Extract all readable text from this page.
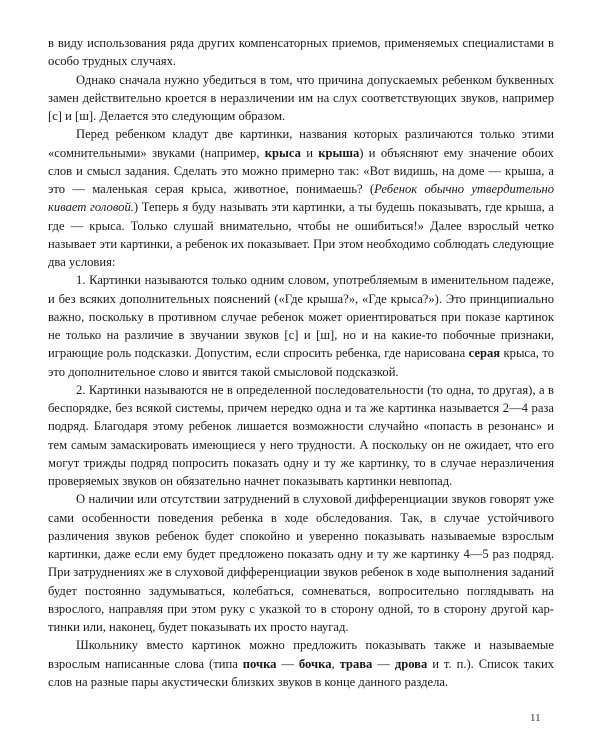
в виду использования ряда других компенсаторных приемов, применяемых специалистами в особо трудных случаях.

Однако сначала нужно убедиться в том, что причина допускаемых ребенком буквенных замен действительно кроется в неразличении им на слух соответствующих звуков, например [с] и [ш]. Делается это следующим образом.

Перед ребенком кладут две картинки, названия которых различаются только этими «сомнительными» звуками (например, крыса и крыша) и объясняют ему значение обоих слов и смысл задания. Сделать это можно примерно так: «Вот видишь, на доме — крыша, а это — маленькая серая крыса, животное, понимаешь? (Ребенок обычно утвердительно кивает головой.) Теперь я буду называть эти картинки, а ты будешь показывать, где крыша, а где — крыса. Только слушай внимательно, чтобы не ошибиться!» Далее взрослый четко называет эти картинки, а ребенок их показывает. При этом необходимо соблюдать следующие два условия:

1. Картинки называются только одним словом, употребляемым в именительном падеже, и без всяких дополнительных пояснений («Где крыша?», «Где крыса?»). Это принципиально важно, поскольку в противном случае ребенок может ориентироваться при показе картинок не только на различие в звучании звуков [с] и [ш], но и на какие-то побочные признаки, играющие роль подсказки. Допустим, если спросить ребенка, где нарисована серая крыса, то это дополнительное слово и явится такой смысловой подсказкой.

2. Картинки называются не в определенной последовательности (то одна, то другая), а в беспорядке, без всякой системы, причем нередко одна и та же картинка называется 2—4 раза подряд. Благодаря этому ребенок лишается возможности случайно «попасть в резонанс» и тем самым замаскировать имеющиеся у него трудности. А поскольку он не ожидает, что его могут трижды подряд попросить показать одну и ту же картинку, то в случае неразличения проверяемых звуков он обязательно начнет показывать картинки невпопад.

О наличии или отсутствии затруднений в слуховой дифференциации звуков говорят уже сами особенности поведения ребенка в ходе обследования. Так, в случае устойчивого различения звуков ребенок будет спокойно и уверенно показывать называемые взрослым картинки, даже если ему будет предложено показать одну и ту же картинку 4—5 раз подряд. При затруднениях же в слуховой дифференциации звуков ребенок в ходе выполнения заданий будет постоянно задумываться, колебаться, сомневаться, вопросительно поглядывать на взрослого, направляя при этом руку с указкой то в сторону одной, то в сторону другой картинки или, наконец, будет показывать их просто наугад.

Школьнику вместо картинок можно предложить показывать также и называемые взрослым написанные слова (типа почка — бочка, трава — дрова и т. п.). Список таких слов на разные пары акустически близких звуков в конце данного раздела.

11
